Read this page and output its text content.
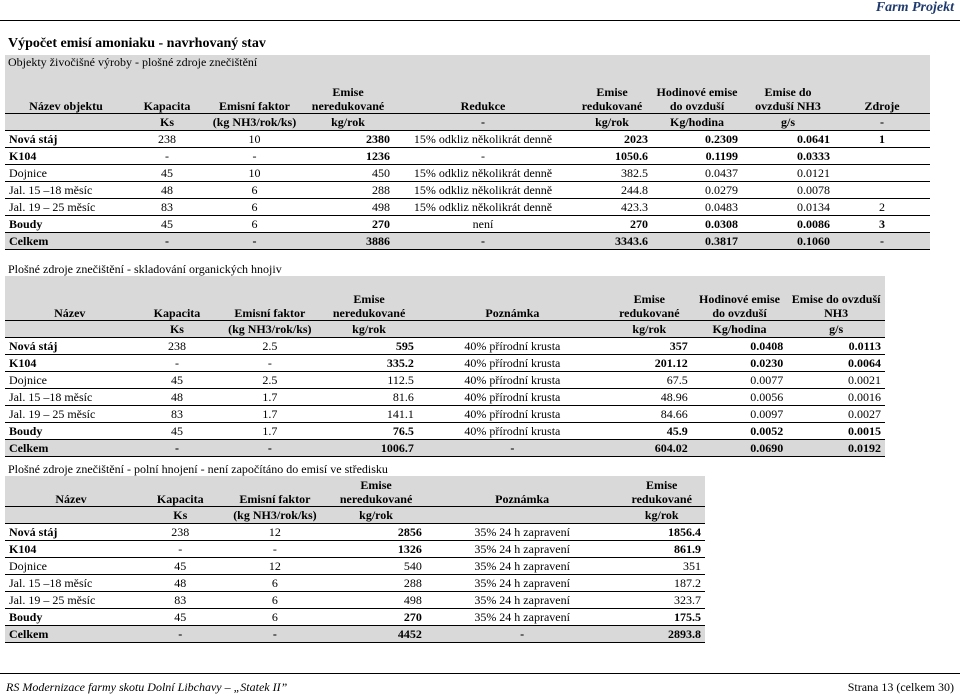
Farm Projekt
Výpočet emisí amoniaku - navrhovaný stav
Objekty živočišné výroby - plošné zdroje znečištění
Název objektu	Kapacita	Emisní faktor	Emise neredukované	Redukce	Emise redukované	Hodinové emise do ovzduší	Emise do ovzduší NH3	Zdroje
	Ks	(kg NH3/rok/ks)	kg/rok	-	kg/rok	Kg/hodina	g/s	-
Nová stáj	238	10	2380	15% odkliz několikrát denně	2023	0.2309	0.0641	1
K104	-	-	1236	-	1050.6	0.1199	0.0333	
Dojnice	45	10	450	15% odkliz několikrát denně	382.5	0.0437	0.0121	
Jal. 15 –18 měsíc	48	6	288	15% odkliz několikrát denně	244.8	0.0279	0.0078	
Jal. 19 – 25 měsíc	83	6	498	15% odkliz několikrát denně	423.3	0.0483	0.0134	2
Boudy	45	6	270	není	270	0.0308	0.0086	3
Celkem	-	-	3886	-	3343.6	0.3817	0.1060	-
Plošné zdroje znečištění - skladování organických hnojiv
Název	Kapacita	Emisní faktor	Emise neredukované	Poznámka	Emise redukované	Hodinové emise do ovzduší	Emise do ovzduší NH3
	Ks	(kg NH3/rok/ks)	kg/rok		kg/rok	Kg/hodina	g/s
Nová stáj	238	2.5	595	40% přírodní krusta	357	0.0408	0.0113
K104	-	-	335.2	40% přírodní krusta	201.12	0.0230	0.0064
Dojnice	45	2.5	112.5	40% přírodní krusta	67.5	0.0077	0.0021
Jal. 15 –18 měsíc	48	1.7	81.6	40% přírodní krusta	48.96	0.0056	0.0016
Jal. 19 – 25 měsíc	83	1.7	141.1	40% přírodní krusta	84.66	0.0097	0.0027
Boudy	45	1.7	76.5	40% přírodní krusta	45.9	0.0052	0.0015
Celkem	-	-	1006.7	-	604.02	0.0690	0.0192
Plošné zdroje znečištění - polní hnojení - není započítáno do emisí ve středisku
Název	Kapacita	Emisní faktor	Emise neredukované	Poznámka	Emise redukované
	Ks	(kg NH3/rok/ks)	kg/rok		kg/rok
Nová stáj	238	12	2856	35% 24 h zapravení	1856.4
K104	-	-	1326	35% 24 h zapravení	861.9
Dojnice	45	12	540	35% 24 h zapravení	351
Jal. 15 –18 měsíc	48	6	288	35% 24 h zapravení	187.2
Jal. 19 – 25 měsíc	83	6	498	35% 24 h zapravení	323.7
Boudy	45	6	270	35% 24 h zapravení	175.5
Celkem	-	-	4452	-	2893.8
RS Modernizace farmy skotu Dolní Libchavy – „Statek II”	Strana 13 (celkem 30)
